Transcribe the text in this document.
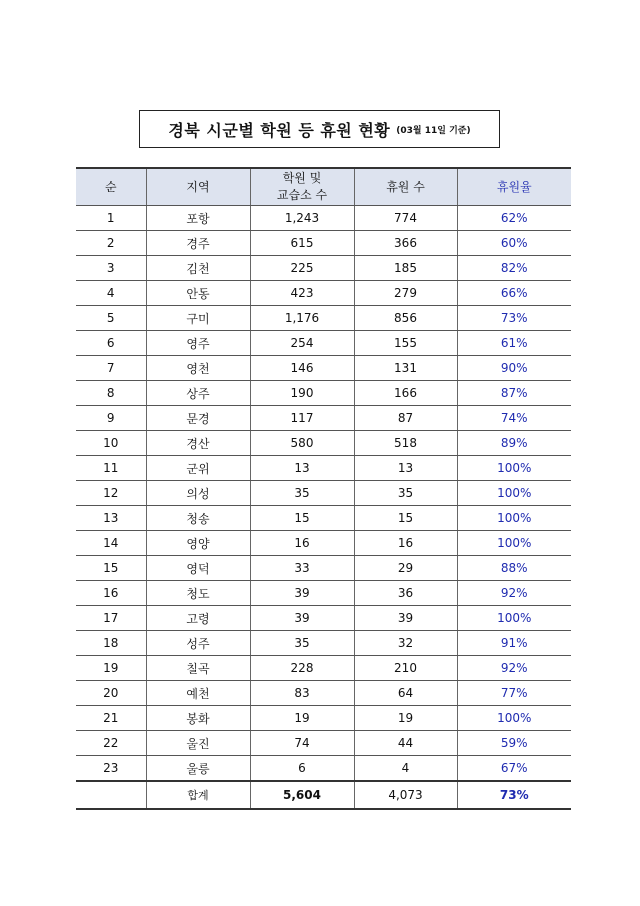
경북 시군별 학원 등 휴원 현황 (03월 11일 기준)
순	지역	학원 및
교습소 수	휴원 수	휴원율
1	포항	1,243	774	62%
2	경주	615	366	60%
3	김천	225	185	82%
4	안동	423	279	66%
5	구미	1,176	856	73%
6	영주	254	155	61%
7	영천	146	131	90%
8	상주	190	166	87%
9	문경	117	87	74%
10	경산	580	518	89%
11	군위	13	13	100%
12	의성	35	35	100%
13	청송	15	15	100%
14	영양	16	16	100%
15	영덕	33	29	88%
16	청도	39	36	92%
17	고령	39	39	100%
18	성주	35	32	91%
19	칠곡	228	210	92%
20	예천	83	64	77%
21	봉화	19	19	100%
22	울진	74	44	59%
23	울릉	6	4	67%
	합계	5,604	4,073	73%
